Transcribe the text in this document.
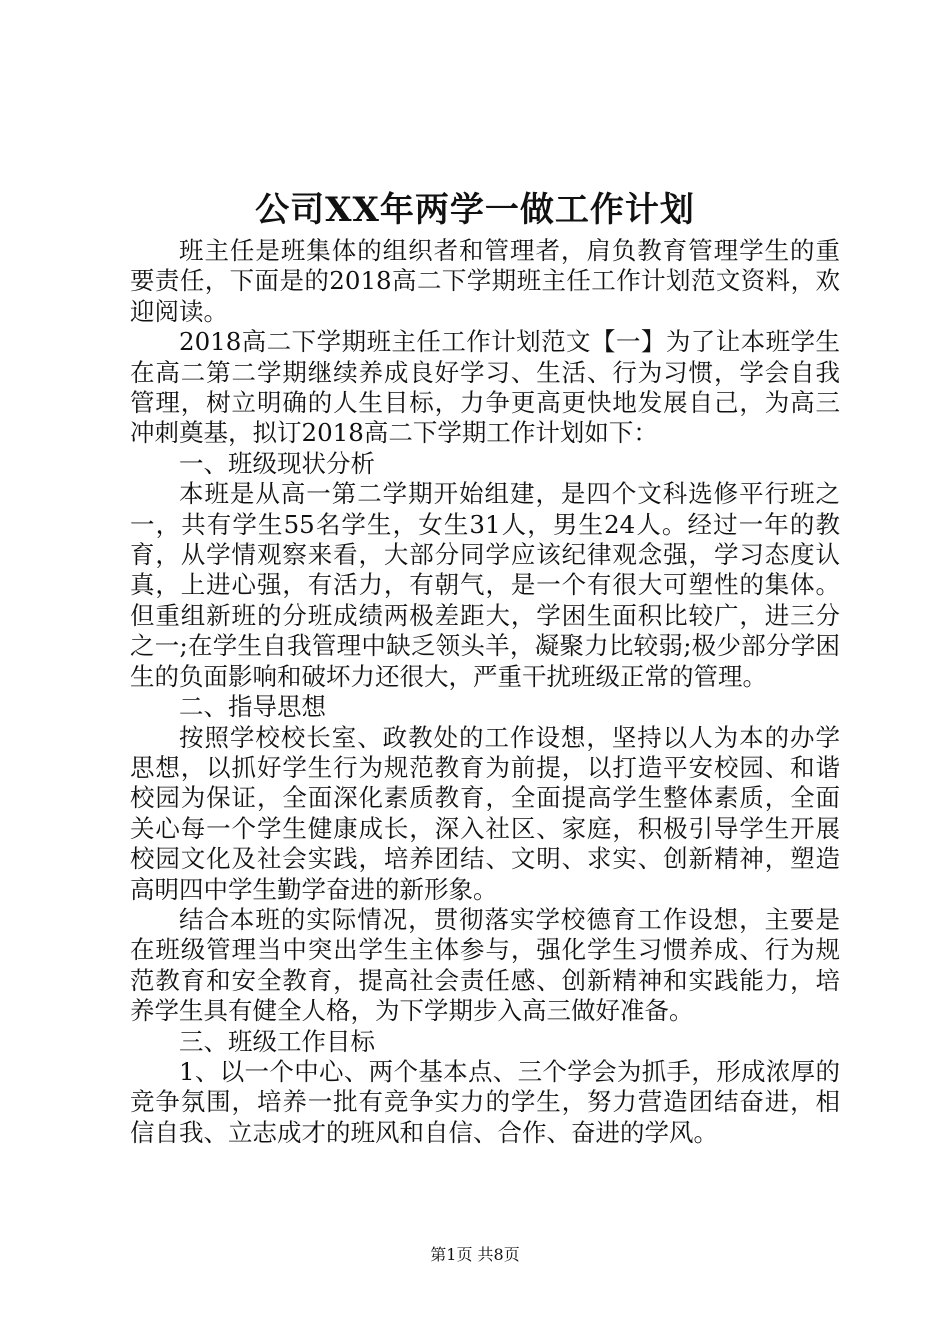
公司XX年两学一做工作计划

班主任是班集体的组织者和管理者，肩负教育管理学生的重要责任，下面是的2018高二下学期班主任工作计划范文资料，欢迎阅读。

2018高二下学期班主任工作计划范文【一】为了让本班学生在高二第二学期继续养成良好学习、生活、行为习惯，学会自我管理，树立明确的人生目标，力争更高更快地发展自己，为高三冲刺奠基，拟订2018高二下学期工作计划如下：

一、班级现状分析

本班是从高一第二学期开始组建，是四个文科选修平行班之一，共有学生55名学生，女生31人，男生24人。经过一年的教育，从学情观察来看，大部分同学应该纪律观念强，学习态度认真，上进心强，有活力，有朝气，是一个有很大可塑性的集体。但重组新班的分班成绩两极差距大，学困生面积比较广，进三分之一;在学生自我管理中缺乏领头羊，凝聚力比较弱;极少部分学困生的负面影响和破坏力还很大，严重干扰班级正常的管理。

二、指导思想

按照学校校长室、政教处的工作设想，坚持以人为本的办学思想，以抓好学生行为规范教育为前提，以打造平安校园、和谐校园为保证，全面深化素质教育，全面提高学生整体素质，全面关心每一个学生健康成长，深入社区、家庭，积极引导学生开展校园文化及社会实践，培养团结、文明、求实、创新精神，塑造高明四中学生勤学奋进的新形象。

结合本班的实际情况，贯彻落实学校德育工作设想，主要是在班级管理当中突出学生主体参与，强化学生习惯养成、行为规范教育和安全教育，提高社会责任感、创新精神和实践能力，培养学生具有健全人格，为下学期步入高三做好准备。

三、班级工作目标

1、以一个中心、两个基本点、三个学会为抓手，形成浓厚的竞争氛围，培养一批有竞争实力的学生，努力营造团结奋进，相信自我、立志成才的班风和自信、合作、奋进的学风。

第1页 共8页
